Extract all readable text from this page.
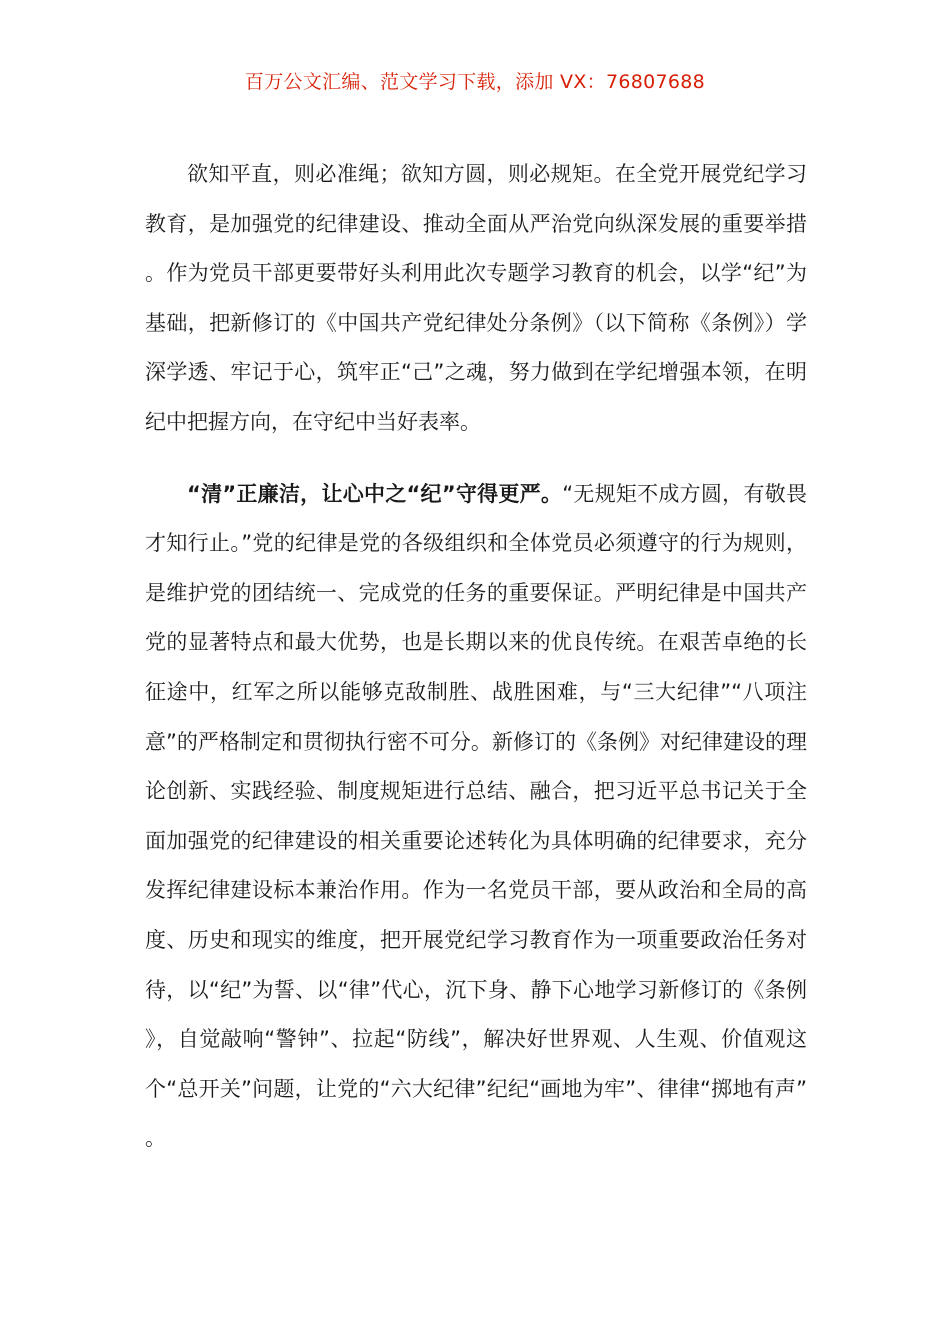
百万公文汇编、范文学习下载，添加 VX：76807688

欲知平直，则必准绳；欲知方圆，则必规矩。在全党开展党纪学习教育，是加强党的纪律建设、推动全面从严治党向纵深发展的重要举措。作为党员干部更要带好头利用此次专题学习教育的机会，以学“纪”为基础，把新修订的《中国共产党纪律处分条例》（以下简称《条例》）学深学透、牢记于心，筑牢正“己”之魂，努力做到在学纪增强本领，在明纪中把握方向，在守纪中当好表率。

“清”正廉洁，让心中之“纪”守得更严。“无规矩不成方圆，有敬畏才知行止。”党的纪律是党的各级组织和全体党员必须遵守的行为规则，是维护党的团结统一、完成党的任务的重要保证。严明纪律是中国共产党的显著特点和最大优势，也是长期以来的优良传统。在艰苦卓绝的长征途中，红军之所以能够克敌制胜、战胜困难，与“三大纪律”“八项注意”的严格制定和贯彻执行密不可分。新修订的《条例》对纪律建设的理论创新、实践经验、制度规矩进行总结、融合，把习近平总书记关于全面加强党的纪律建设的相关重要论述转化为具体明确的纪律要求，充分发挥纪律建设标本兼治作用。作为一名党员干部，要从政治和全局的高度、历史和现实的维度，把开展党纪学习教育作为一项重要政治任务对待，以“纪”为誓、以“律”代心，沉下身、静下心地学习新修订的《条例》，自觉敲响“警钟”、拉起“防线”，解决好世界观、人生观、价值观这个“总开关”问题，让党的“六大纪律”纪纪“画地为牢”、律律“掷地有声”。
